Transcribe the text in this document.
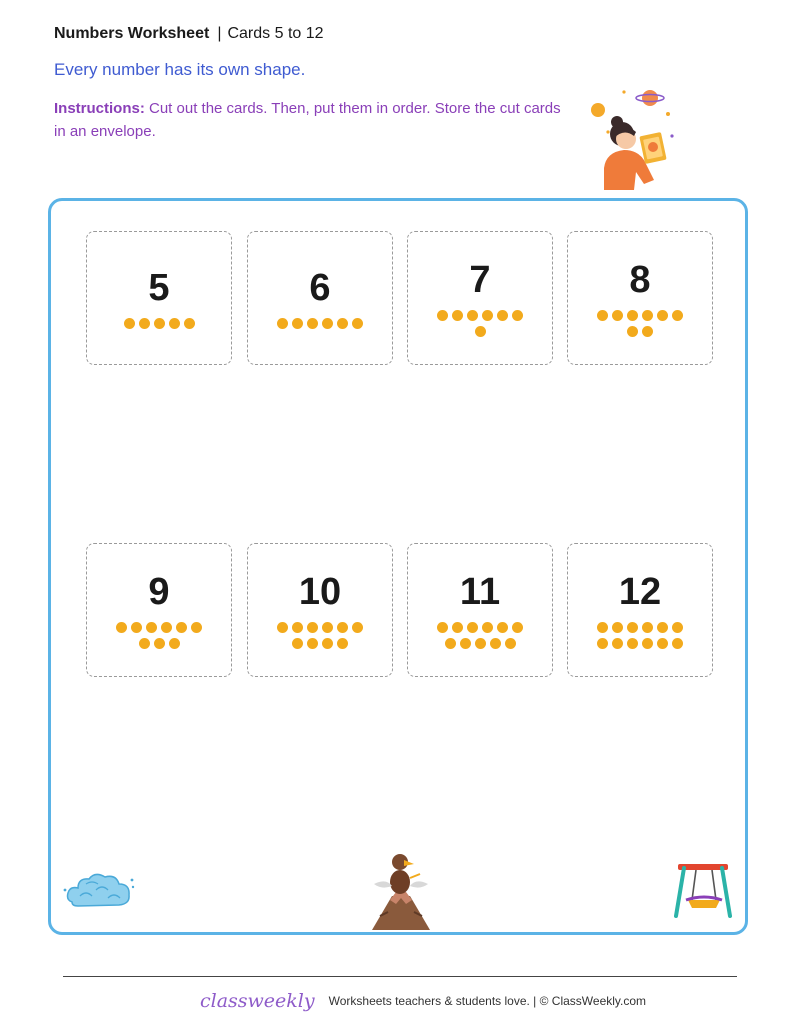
Numbers Worksheet | Cards 5 to 12
Every number has its own shape.
Instructions: Cut out the cards. Then, put them in order. Store the cut cards in an envelope.
5	6	7	8
9	10	11	12
classweekly Worksheets teachers & students love. | © ClassWeekly.com
